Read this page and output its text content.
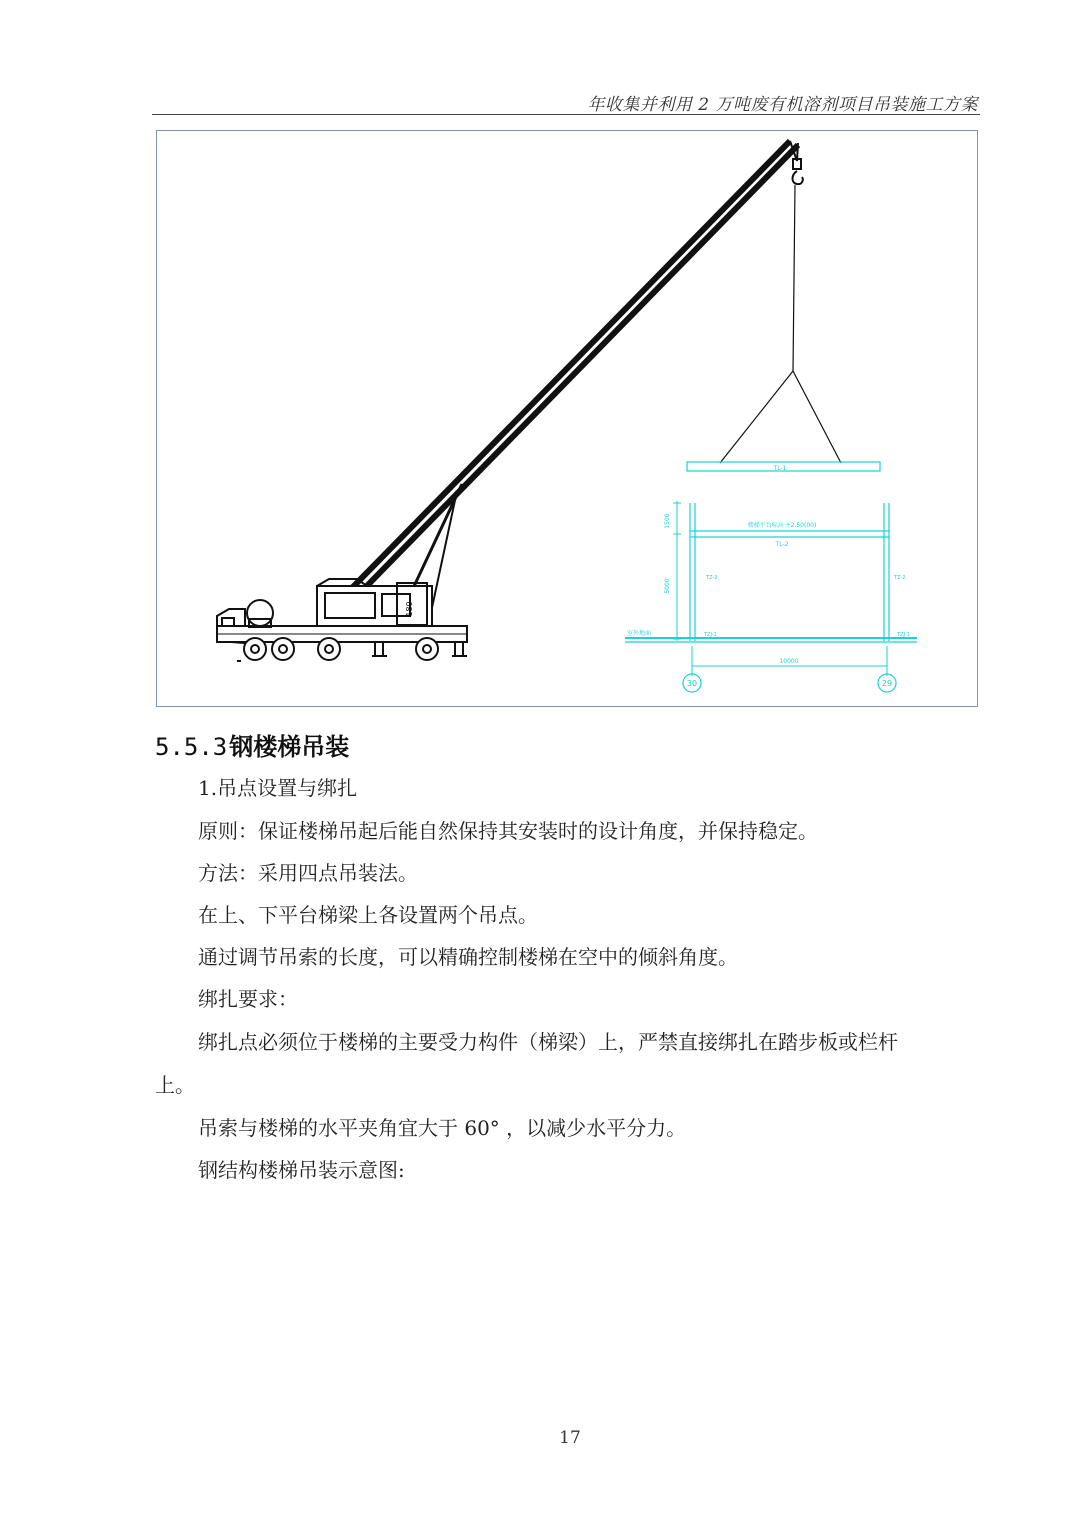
年收集并利用 2 万吨废有机溶剂项目吊装施工方案
TL-1
180
楼梯平台标高 +2.50(00)
TL-2
室外地面	TZJ-1	TZJ-1
TZ-2	TZ-2
1500
5000
10000
30	29
5.5.3钢楼梯吊装
1.吊点设置与绑扎
原则：保证楼梯吊起后能自然保持其安装时的设计角度，并保持稳定。
方法：采用四点吊装法。
在上、下平台梯梁上各设置两个吊点。
通过调节吊索的长度，可以精确控制楼梯在空中的倾斜角度。
绑扎要求：
绑扎点必须位于楼梯的主要受力构件（梯梁）上，严禁直接绑扎在踏步板或栏杆
上。
吊索与楼梯的水平夹角宜大于 60° ，以减少水平分力。
钢结构楼梯吊装示意图:
17
